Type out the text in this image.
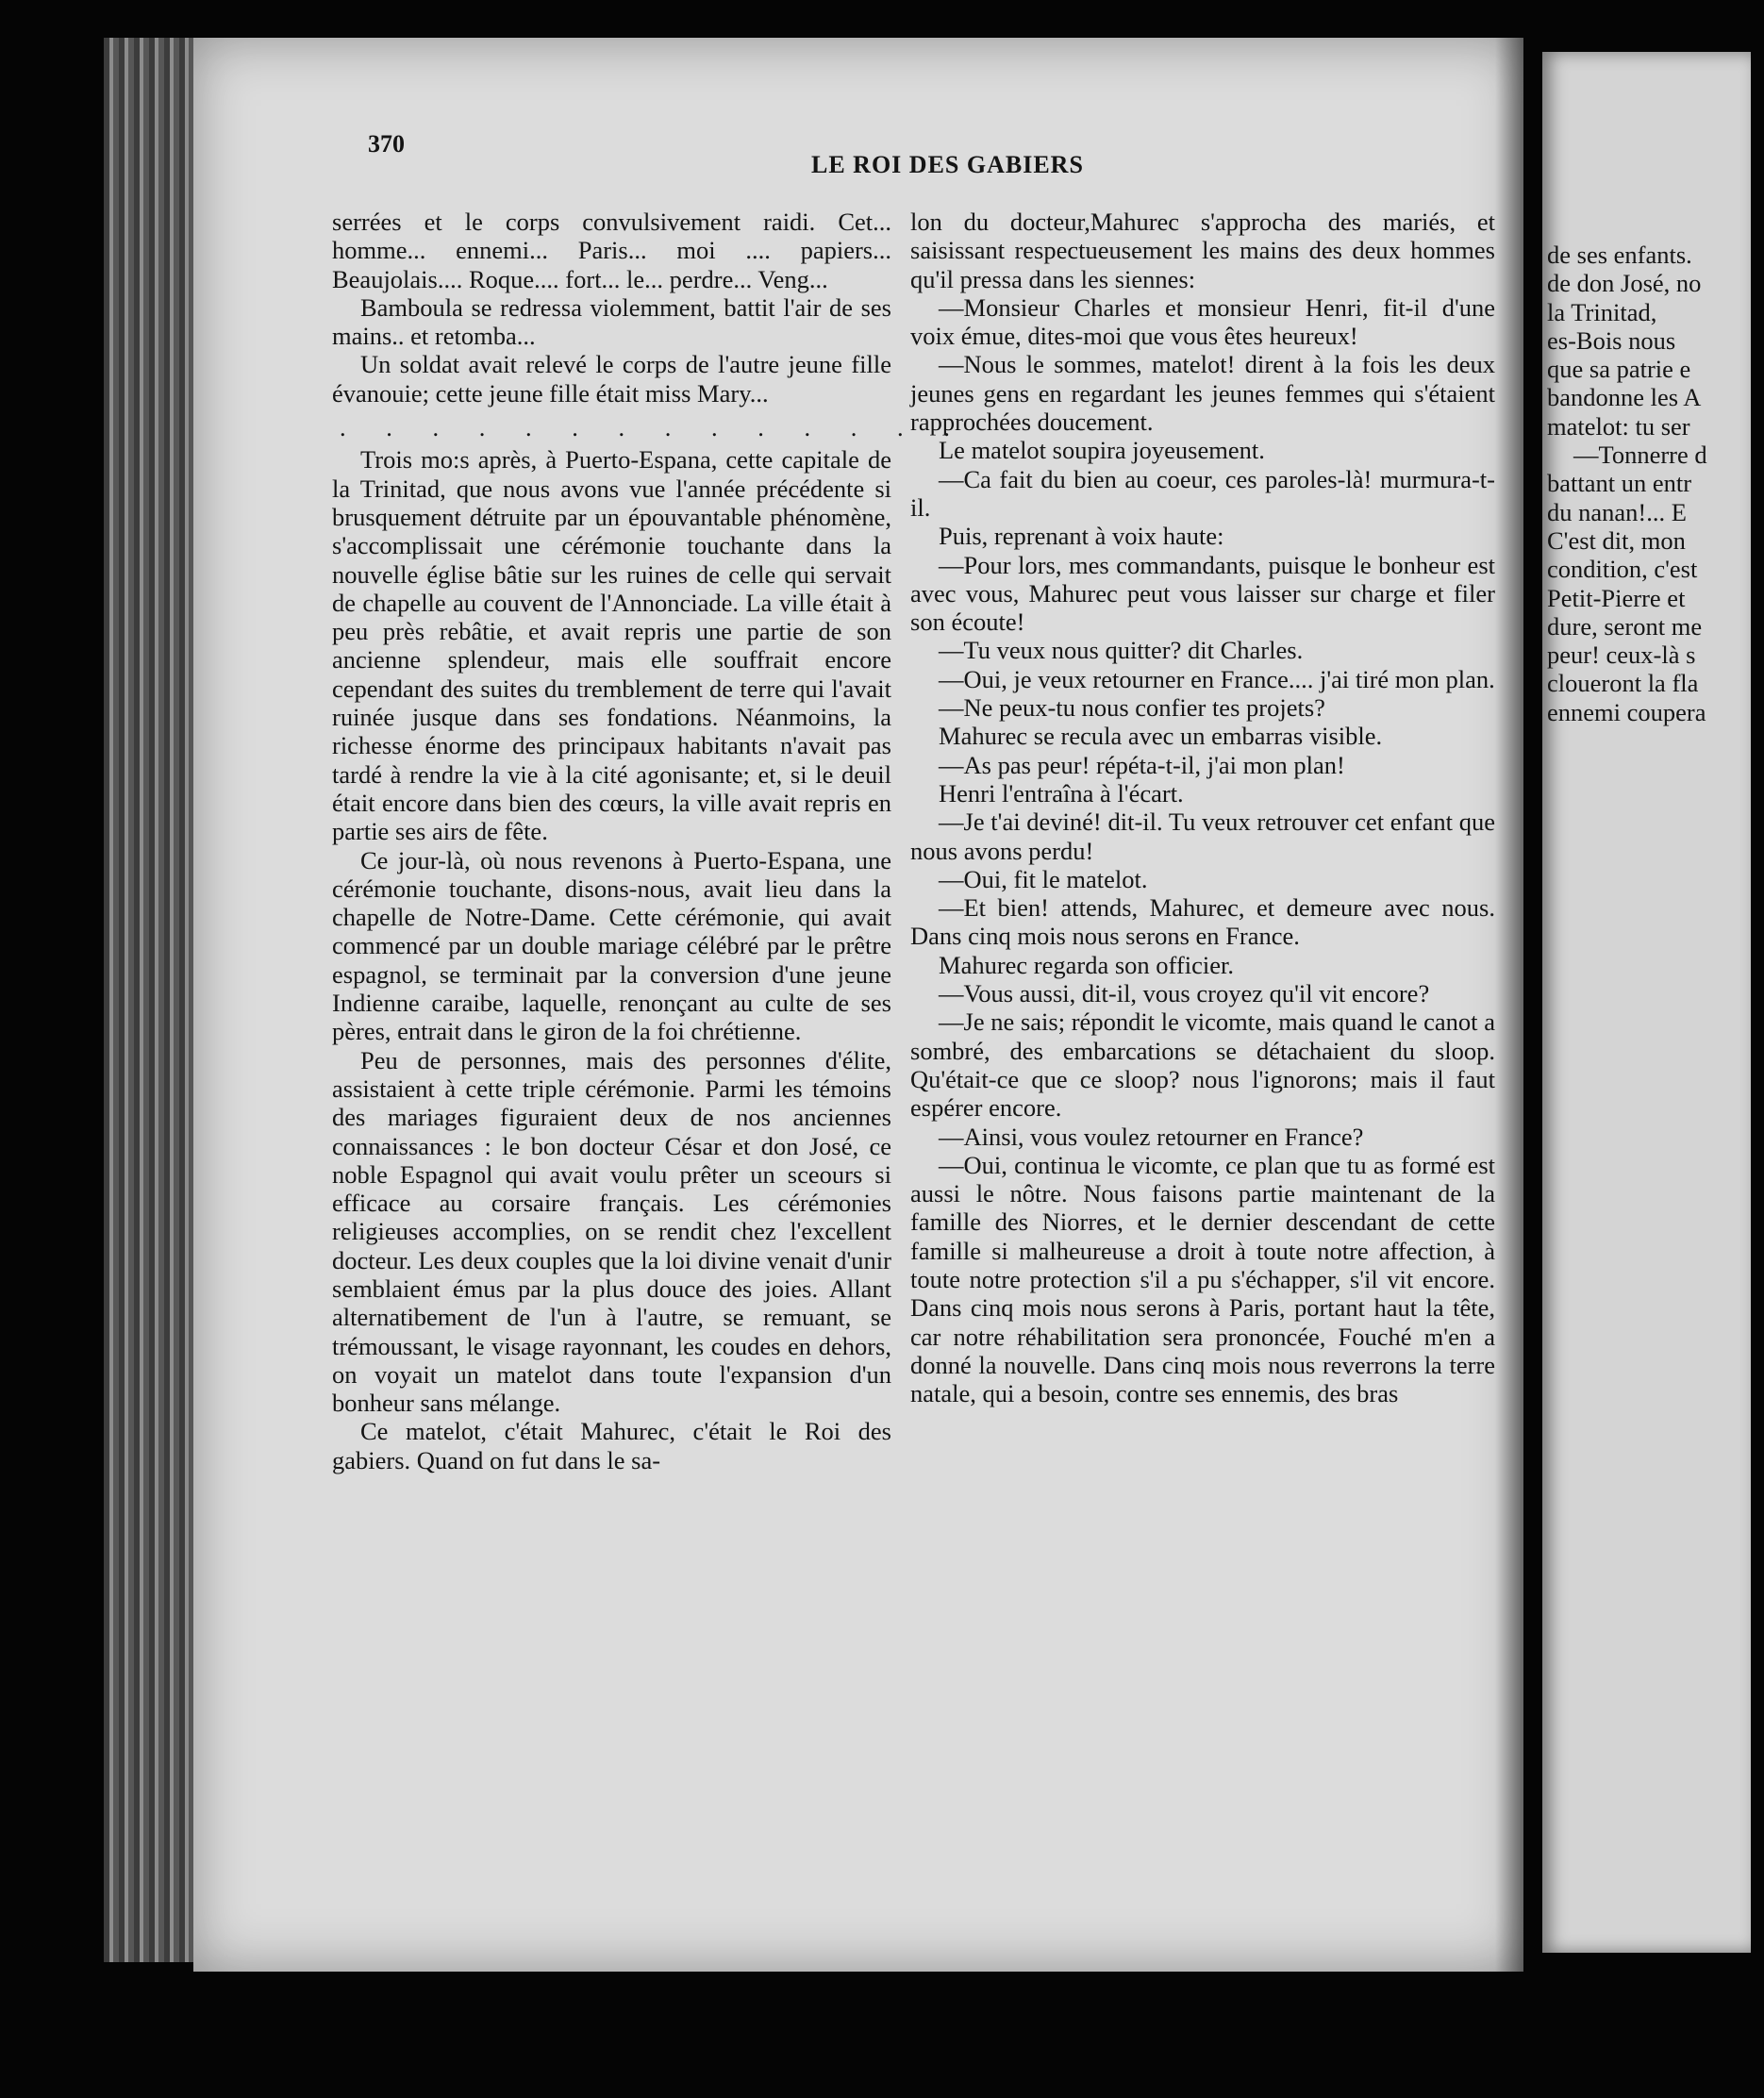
370
LE ROI DES GABIERS

serrées et le corps convulsivement raidi. Cet... homme... ennemi... Paris... moi .... papiers... Beaujolais.... Roque.... fort... le... perdre... Veng...

Bamboula se redressa violemment, battit l'air de ses mains.. et retomba...

Un soldat avait relevé le corps de l'autre jeune fille évanouie; cette jeune fille était miss Mary...

. . . . . . . . . . . . . .

Trois mo:s après, à Puerto-Espana, cette capitale de la Trinitad, que nous avons vue l'année précédente si brusquement détruite par un épouvantable phénomène, s'accomplissait une cérémonie touchante dans la nouvelle église bâtie sur les ruines de celle qui servait de chapelle au couvent de l'Annonciade. La ville était à peu près rebâtie, et avait repris une partie de son ancienne splendeur, mais elle souffrait encore cependant des suites du tremblement de terre qui l'avait ruinée jusque dans ses fondations. Néanmoins, la richesse énorme des principaux habitants n'avait pas tardé à rendre la vie à la cité agonisante; et, si le deuil était encore dans bien des cœurs, la ville avait repris en partie ses airs de fête.

Ce jour-là, où nous revenons à Puerto-Espana, une cérémonie touchante, disons-nous, avait lieu dans la chapelle de Notre-Dame. Cette cérémonie, qui avait commencé par un double mariage célébré par le prêtre espagnol, se terminait par la conversion d'une jeune Indienne caraibe, laquelle, renonçant au culte de ses pères, entrait dans le giron de la foi chrétienne.

Peu de personnes, mais des personnes d'élite, assistaient à cette triple cérémonie. Parmi les témoins des mariages figuraient deux de nos anciennes connaissances : le bon docteur César et don José, ce noble Espagnol qui avait voulu prêter un sceours si efficace au corsaire français. Les cérémonies religieuses accomplies, on se rendit chez l'excellent docteur. Les deux couples que la loi divine venait d'unir semblaient émus par la plus douce des joies. Allant alternatibement de l'un à l'autre, se remuant, se trémoussant, le visage rayonnant, les coudes en dehors, on voyait un matelot dans toute l'expansion d'un bonheur sans mélange.

Ce matelot, c'était Mahurec, c'était le Roi des gabiers. Quand on fut dans le sa-

lon du docteur,Mahurec s'approcha des mariés, et saisissant respectueusement les mains des deux hommes qu'il pressa dans les siennes:

—Monsieur Charles et monsieur Henri, fit-il d'une voix émue, dites-moi que vous êtes heureux!

—Nous le sommes, matelot! dirent à la fois les deux jeunes gens en regardant les jeunes femmes qui s'étaient rapprochées doucement.

Le matelot soupira joyeusement.

—Ca fait du bien au coeur, ces paroles-là! murmura-t-il.

Puis, reprenant à voix haute:

—Pour lors, mes commandants, puisque le bonheur est avec vous, Mahurec peut vous laisser sur charge et filer son écoute!

—Tu veux nous quitter? dit Charles.

—Oui, je veux retourner en France.... j'ai tiré mon plan.

—Ne peux-tu nous confier tes projets?

Mahurec se recula avec un embarras visible.

—As pas peur! répéta-t-il, j'ai mon plan!

Henri l'entraîna à l'écart.

—Je t'ai deviné! dit-il. Tu veux retrouver cet enfant que nous avons perdu!

—Oui, fit le matelot.

—Et bien! attends, Mahurec, et demeure avec nous. Dans cinq mois nous serons en France.

Mahurec regarda son officier.

—Vous aussi, dit-il, vous croyez qu'il vit encore?

—Je ne sais; répondit le vicomte, mais quand le canot a sombré, des embarcations se détachaient du sloop. Qu'était-ce que ce sloop? nous l'ignorons; mais il faut espérer encore.

—Ainsi, vous voulez retourner en France?

—Oui, continua le vicomte, ce plan que tu as formé est aussi le nôtre. Nous faisons partie maintenant de la famille des Niorres, et le dernier descendant de cette famille si malheureuse a droit à toute notre affection, à toute notre protection s'il a pu s'échapper, s'il vit encore. Dans cinq mois nous serons à Paris, portant haut la tête, car notre réhabilitation sera prononcée, Fouché m'en a donné la nouvelle. Dans cinq mois nous reverrons la terre natale, qui a besoin, contre ses ennemis, des bras

de ses enfants.
de don José, no
la Trinitad,
es-Bois nous
que sa patrie e
bandonne les A
matelot: tu ser
—Tonnerre d
battant un entr
du nanan!... E
C'est dit, mon
condition, c'est
Petit-Pierre et
dure, seront me
peur! ceux-là s
cloueront la fla
ennemi coupera
